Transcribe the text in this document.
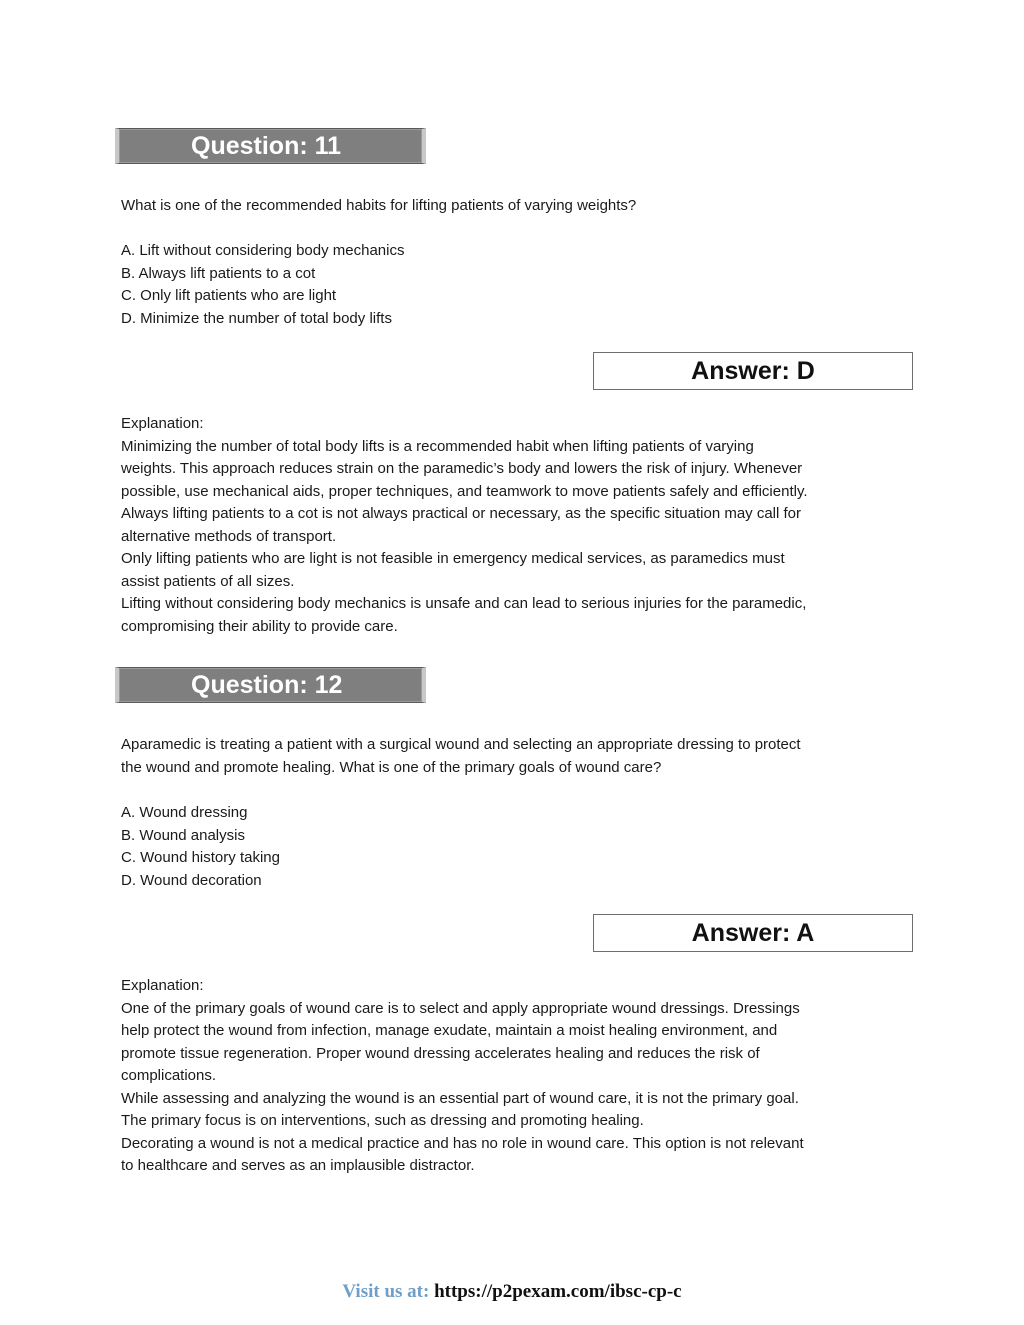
Question: 11
What is one of the recommended habits for lifting patients of varying weights?
A. Lift without considering body mechanics
B. Always lift patients to a cot
C. Only lift patients who are light
D. Minimize the number of total body lifts
Answer: D
Explanation:
Minimizing the number of total body lifts is a recommended habit when lifting patients of varying
weights. This approach reduces strain on the paramedic’s body and lowers the risk of injury. Whenever
possible, use mechanical aids, proper techniques, and teamwork to move patients safely and efficiently.
Always lifting patients to a cot is not always practical or necessary, as the specific situation may call for
alternative methods of transport.
Only lifting patients who are light is not feasible in emergency medical services, as paramedics must
assist patients of all sizes.
Lifting without considering body mechanics is unsafe and can lead to serious injuries for the paramedic,
compromising their ability to provide care.
Question: 12
Aparamedic is treating a patient with a surgical wound and selecting an appropriate dressing to protect
the wound and promote healing. What is one of the primary goals of wound care?
A. Wound dressing
B. Wound analysis
C. Wound history taking
D. Wound decoration
Answer: A
Explanation:
One of the primary goals of wound care is to select and apply appropriate wound dressings. Dressings
help protect the wound from infection, manage exudate, maintain a moist healing environment, and
promote tissue regeneration. Proper wound dressing accelerates healing and reduces the risk of
complications.
While assessing and analyzing the wound is an essential part of wound care, it is not the primary goal.
The primary focus is on interventions, such as dressing and promoting healing.
Decorating a wound is not a medical practice and has no role in wound care. This option is not relevant
to healthcare and serves as an implausible distractor.
Visit us at: https://p2pexam.com/ibsc-cp-c
